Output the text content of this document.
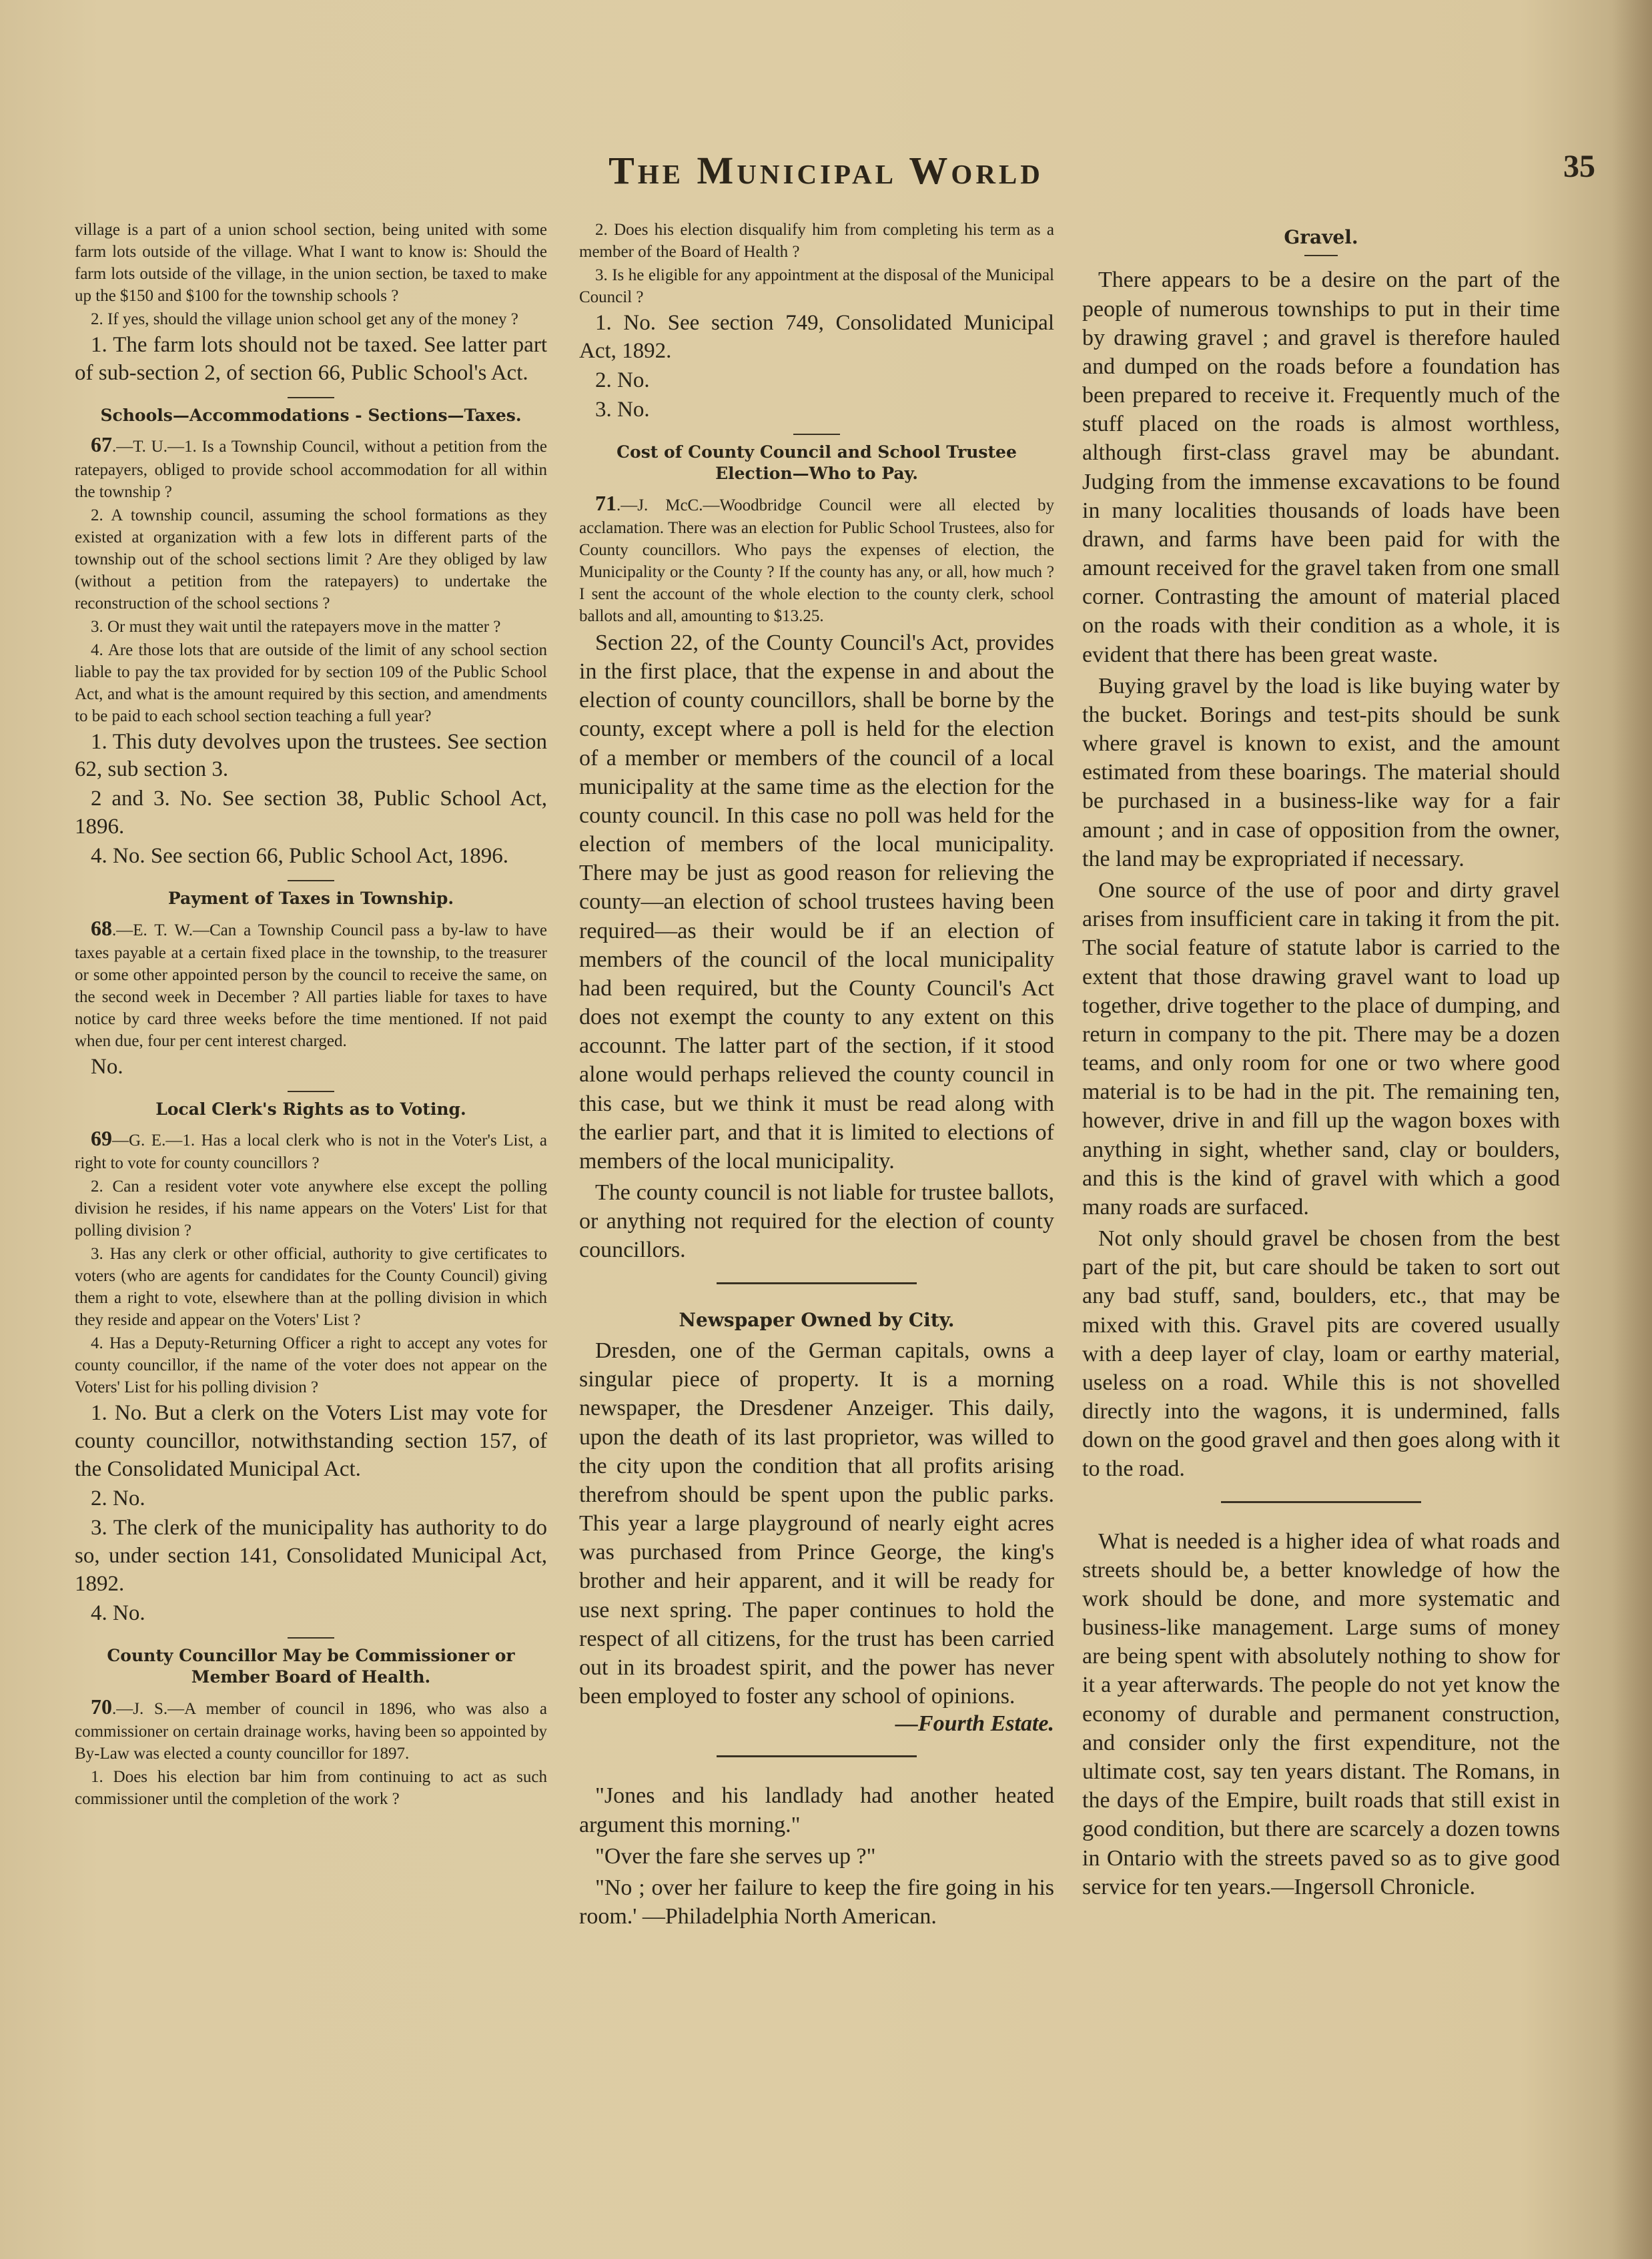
The Municipal World	35

village is a part of a union school section, being united with some farm lots outside of the village. What I want to know is: Should the farm lots outside of the village, in the union section, be taxed to make up the $150 and $100 for the township schools ?

2. If yes, should the village union school get any of the money ?

1. The farm lots should not be taxed. See latter part of sub-section 2, of section 66, Public School's Act.

Schools—Accommodations - Sections—Taxes.

67.—T. U.—1. Is a Township Council, without a petition from the ratepayers, obliged to provide school accommodation for all within the township ?

2. A township council, assuming the school formations as they existed at organization with a few lots in different parts of the township out of the school sections limit ? Are they obliged by law (without a petition from the ratepayers) to undertake the reconstruction of the school sections ?

3. Or must they wait until the ratepayers move in the matter ?

4. Are those lots that are outside of the limit of any school section liable to pay the tax provided for by section 109 of the Public School Act, and what is the amount required by this section, and amendments to be paid to each school section teaching a full year?

1. This duty devolves upon the trustees. See section 62, sub section 3.

2 and 3. No. See section 38, Public School Act, 1896.

4. No. See section 66, Public School Act, 1896.

Payment of Taxes in Township.

68.—E. T. W.—Can a Township Council pass a by-law to have taxes payable at a certain fixed place in the township, to the treasurer or some other appointed person by the council to receive the same, on the second week in December ? All parties liable for taxes to have notice by card three weeks before the time mentioned. If not paid when due, four per cent interest charged.

No.

Local Clerk's Rights as to Voting.

69—G. E.—1. Has a local clerk who is not in the Voter's List, a right to vote for county councillors ?

2. Can a resident voter vote anywhere else except the polling division he resides, if his name appears on the Voters' List for that polling division ?

3. Has any clerk or other official, authority to give certificates to voters (who are agents for candidates for the County Council) giving them a right to vote, elsewhere than at the polling division in which they reside and appear on the Voters' List ?

4. Has a Deputy-Returning Officer a right to accept any votes for county councillor, if the name of the voter does not appear on the Voters' List for his polling division ?

1. No. But a clerk on the Voters List may vote for county councillor, notwithstanding section 157, of the Consolidated Municipal Act.

2. No.

3. The clerk of the municipality has authority to do so, under section 141, Consolidated Municipal Act, 1892.

4. No.

County Councillor May be Commissioner or Member Board of Health.

70.—J. S.—A member of council in 1896, who was also a commissioner on certain drainage works, having been so appointed by By-Law was elected a county councillor for 1897.

1. Does his election bar him from continuing to act as such commissioner until the completion of the work ?

2. Does his election disqualify him from completing his term as a member of the Board of Health ?

3. Is he eligible for any appointment at the disposal of the Municipal Council ?

1. No. See section 749, Consolidated Municipal Act, 1892.

2. No.

3. No.

Cost of County Council and School Trustee Election—Who to Pay.

71.—J. McC.—Woodbridge Council were all elected by acclamation. There was an election for Public School Trustees, also for County councillors. Who pays the expenses of election, the Municipality or the County ? If the county has any, or all, how much ? I sent the account of the whole election to the county clerk, school ballots and all, amounting to $13.25.

Section 22, of the County Council's Act, provides in the first place, that the expense in and about the election of county councillors, shall be borne by the county, except where a poll is held for the election of a member or members of the council of a local municipality at the same time as the election for the county council. In this case no poll was held for the election of members of the local municipality. There may be just as good reason for relieving the county—an election of school trustees having been required—as their would be if an election of members of the council of the local municipality had been required, but the County Council's Act does not exempt the county to any extent on this accounnt. The latter part of the section, if it stood alone would perhaps relieved the county council in this case, but we think it must be read along with the earlier part, and that it is limited to elections of members of the local municipality.

The county council is not liable for trustee ballots, or anything not required for the election of county councillors.

Newspaper Owned by City.

Dresden, one of the German capitals, owns a singular piece of property. It is a morning newspaper, the Dresdener Anzeiger. This daily, upon the death of its last proprietor, was willed to the city upon the condition that all profits arising therefrom should be spent upon the public parks. This year a large playground of nearly eight acres was purchased from Prince George, the king's brother and heir apparent, and it will be ready for use next spring. The paper continues to hold the respect of all citizens, for the trust has been carried out in its broadest spirit, and the power has never been employed to foster any school of opinions.

—Fourth Estate.

"Jones and his landlady had another heated argument this morning."

"Over the fare she serves up ?"

"No ; over her failure to keep the fire going in his room.' —Philadelphia North American.

Gravel.

There appears to be a desire on the part of the people of numerous townships to put in their time by drawing gravel ; and gravel is therefore hauled and dumped on the roads before a foundation has been prepared to receive it. Frequently much of the stuff placed on the roads is almost worthless, although first-class gravel may be abundant. Judging from the immense excavations to be found in many localities thousands of loads have been drawn, and farms have been paid for with the amount received for the gravel taken from one small corner. Contrasting the amount of material placed on the roads with their condition as a whole, it is evident that there has been great waste.

Buying gravel by the load is like buying water by the bucket. Borings and test-pits should be sunk where gravel is known to exist, and the amount estimated from these boarings. The material should be purchased in a business-like way for a fair amount ; and in case of opposition from the owner, the land may be expropriated if necessary.

One source of the use of poor and dirty gravel arises from insufficient care in taking it from the pit. The social feature of statute labor is carried to the extent that those drawing gravel want to load up together, drive together to the place of dumping, and return in company to the pit. There may be a dozen teams, and only room for one or two where good material is to be had in the pit. The remaining ten, however, drive in and fill up the wagon boxes with anything in sight, whether sand, clay or boulders, and this is the kind of gravel with which a good many roads are surfaced.

Not only should gravel be chosen from the best part of the pit, but care should be taken to sort out any bad stuff, sand, boulders, etc., that may be mixed with this. Gravel pits are covered usually with a deep layer of clay, loam or earthy material, useless on a road. While this is not shovelled directly into the wagons, it is undermined, falls down on the good gravel and then goes along with it to the road.

What is needed is a higher idea of what roads and streets should be, a better knowledge of how the work should be done, and more systematic and business-like management. Large sums of money are being spent with absolutely nothing to show for it a year afterwards. The people do not yet know the economy of durable and permanent construction, and consider only the first expenditure, not the ultimate cost, say ten years distant. The Romans, in the days of the Empire, built roads that still exist in good condition, but there are scarcely a dozen towns in Ontario with the streets paved so as to give good service for ten years.—Ingersoll Chronicle.
